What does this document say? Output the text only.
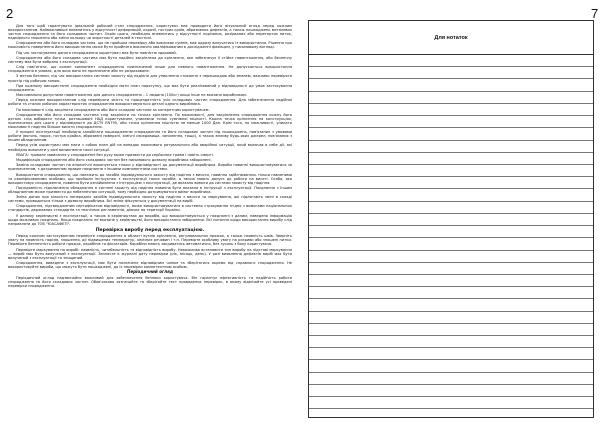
2	7

Для того щоб гарантувати ідеальний робочий стан спорядження, користувач має проводити його візуальний огляд перед кожним використанням. Найважливіше впевнитись у відсутності деформацій, корозії, гострих країв, абразивних дефектів, а також пошкоджень металевих частин спорядження та його складових частин. Окрім цього, необхідно впевнитись у відсутності порізаних, розірваних або перетертих ниток, надмірного зношення або зміни кольору чи жорсткості деталей в текстилі.

Спорядження або його складова частина, що не пройшла перевірку або викликає сумнів, має одразу вилучатись із використання. Рішення про можливість повернення його використання може бути прийнято виключно кваліфікованим в дослідженні фахівцем, у письмовому вигляді.

Під час застосування даного спорядження користувач має бути повністю здоровий.

Спорядження або його складова частина має бути надійно закріплена до кріплення, яке забезпечує її стійке навантаження, або безпечну систему має бути вибрано з експлуатації.

Слід пам'ятати, що кожен компонент спорядження призначений лише для певного навантаження. Не допускається використання спорядження в умовах, для яких воно не призначене або не розраховане.

З метою безпеки, під час використання системи захисту від падіння для уникнення стикання з перешкодою або землею, важливо перевіряти простір під робочою зоною.

При кожному використанні спорядження необхідно мати план порятунку, що має бути реалізований у відповідності до умов застосування спорядження.

Максимально допустиме навантаження для даного спорядження – 1 людина (100кг) якщо інше не вказано виробником.

Перед кожним використанням слід перевіряти якість та працездатність усіх складових частин спорядження. Для забезпечення надійної роботи та сталих робочих характеристик спорядження використовуються деталі одного виробника.

По можливості слід закріпити спорядження або його складові частини за конкретним користувачем.

Спорядження або його складова частина слід закріпити на точках кріплення. По можливості, для закріплення спорядження кожну його деталь слід вибирати точки, розташовані НАД користувачем, уникаючи точок сумнівної міцності. Кожна точка кріплення на конструкціях, призначених для цього у відповідності до ДСТУ EN795, або точка кріплення міцністю не менше 1000 Дан. Крім того, по можливості, уникати можливості падіння більше висоти спорядження.

У процесі експлуатації необхідно запобігати пошкодженню спорядження та його складових частин під пошкоджень, пов'язаних з умовами роботи (вогонь, порох, гостра крайка, абразивні поверхні, хімічні середовища, запилення, тощо), а також впливу будь-яких джерел, пов'язаних з іншим обладнанням.

Перед усім користувач має мати з собою план дій на випадок можливого рятувального або аварійної ситуації, який включає в себе дії, які необхідно виконати у разі виникнення такої ситуації.

УВАГА: тривале зависання у спорядженні без руху може призвести до серйозних травм і навіть смерті.

Модифікація спорядження або його складових частин без письмового дозволу виробника заборонені.

Заміна складових частин на аналогічні виконується тільки у відповідності до документації виробника. Вироби повинні використовуватися за призначенням, з дотриманням правил поєднання з іншими компонентами системи.

Використання спорядження, що належить до засобів індивідуального захисту від падіння з висоти, повинно здійснюватись тільки навченими та кваліфікованими особами, що пройшли інструктаж з експлуатації таких засобів, а також мають допуск до роботи на висоті. Особа, яка використовує спорядження, повинна бути ознайомлена з інструкцією з експлуатації, де вказано вимоги до системи захисту від падіння.

Послідовність підключення обладнання в системі захисту від падіння повинна бути вказана в інструкції з експлуатації. Поєднання з іншим обладнанням може призвести до небезпечних ситуацій, тому необхідно дотримуватися вимог виробника.

Зміна даних про кількість попередніх засобів індивідуального захисту від падіння з висоти та маркування, які підлягають зміні в складі системи, проводиться тільки з дозволу виробника. Всі зміни фіксуються у документації на виріб.

Спорядження, підтвердженим сертифікатом відповідності, може використовуватися в системах страхування згідно з вимогами національних стандартів, державних стандартів та технічних регламентів, діючих на території України.

У даному керівництві з експлуатації, а також в керівництвах до виробів, що використовуються у поєднанні з даним, наведено інформацію щодо можливих поєднань. Якщо поєднання не вказане у керівництві, його використання заборонено. Всі питання щодо використання виробу слід направляти до ТОВ "ЮАСАФЕТІ".

Перевірка виробу перед експлуатацією.

Перед кожним застосуванням перевірте спорядження в області вузлів кріплення, регулювальних пряжок, а також наявність швів. Зверніть увагу на наявність порізів, зношення, дії підвищених температур, хімічних речовин і т.п. Перевірте особливу увагу на розриви або зношені нитки. Перевірте безпечність роботи пряжок, карабінів та фіксаторів. Карабіни мають закриватись автоматично, без зусиль з боку користувача.

Перевірте маркування на виробі: наявність, читабельність та відповідність виробу. Неможливо встановити тип виробу на підставі маркування — вироб має бути вилучений з експлуатації. Зазначте в журналі дату перевірки (рік, місяць, день). У разі виявлення дефектів виріб має бути вилучений з експлуатації та знищений.

Спорядження, виведене з експлуатації, має бути позначене відповідним чином та зберігатися окремо від справного спорядження. Не використовуйте вироби, що можуть бути пошкоджені, до їх перевірки компетентною особою.

Періодичний огляд

Періодичний огляд надзвичайно важливий для забезпечення безпеки користувача. Він гарантує ефективність та надійність роботи спорядження та його складових частин. Обов'язково зазначайте та зберігайте тест проведених перевірок, в якому відмічайте усі проведені перевірки спорядження.

Для нотаток
